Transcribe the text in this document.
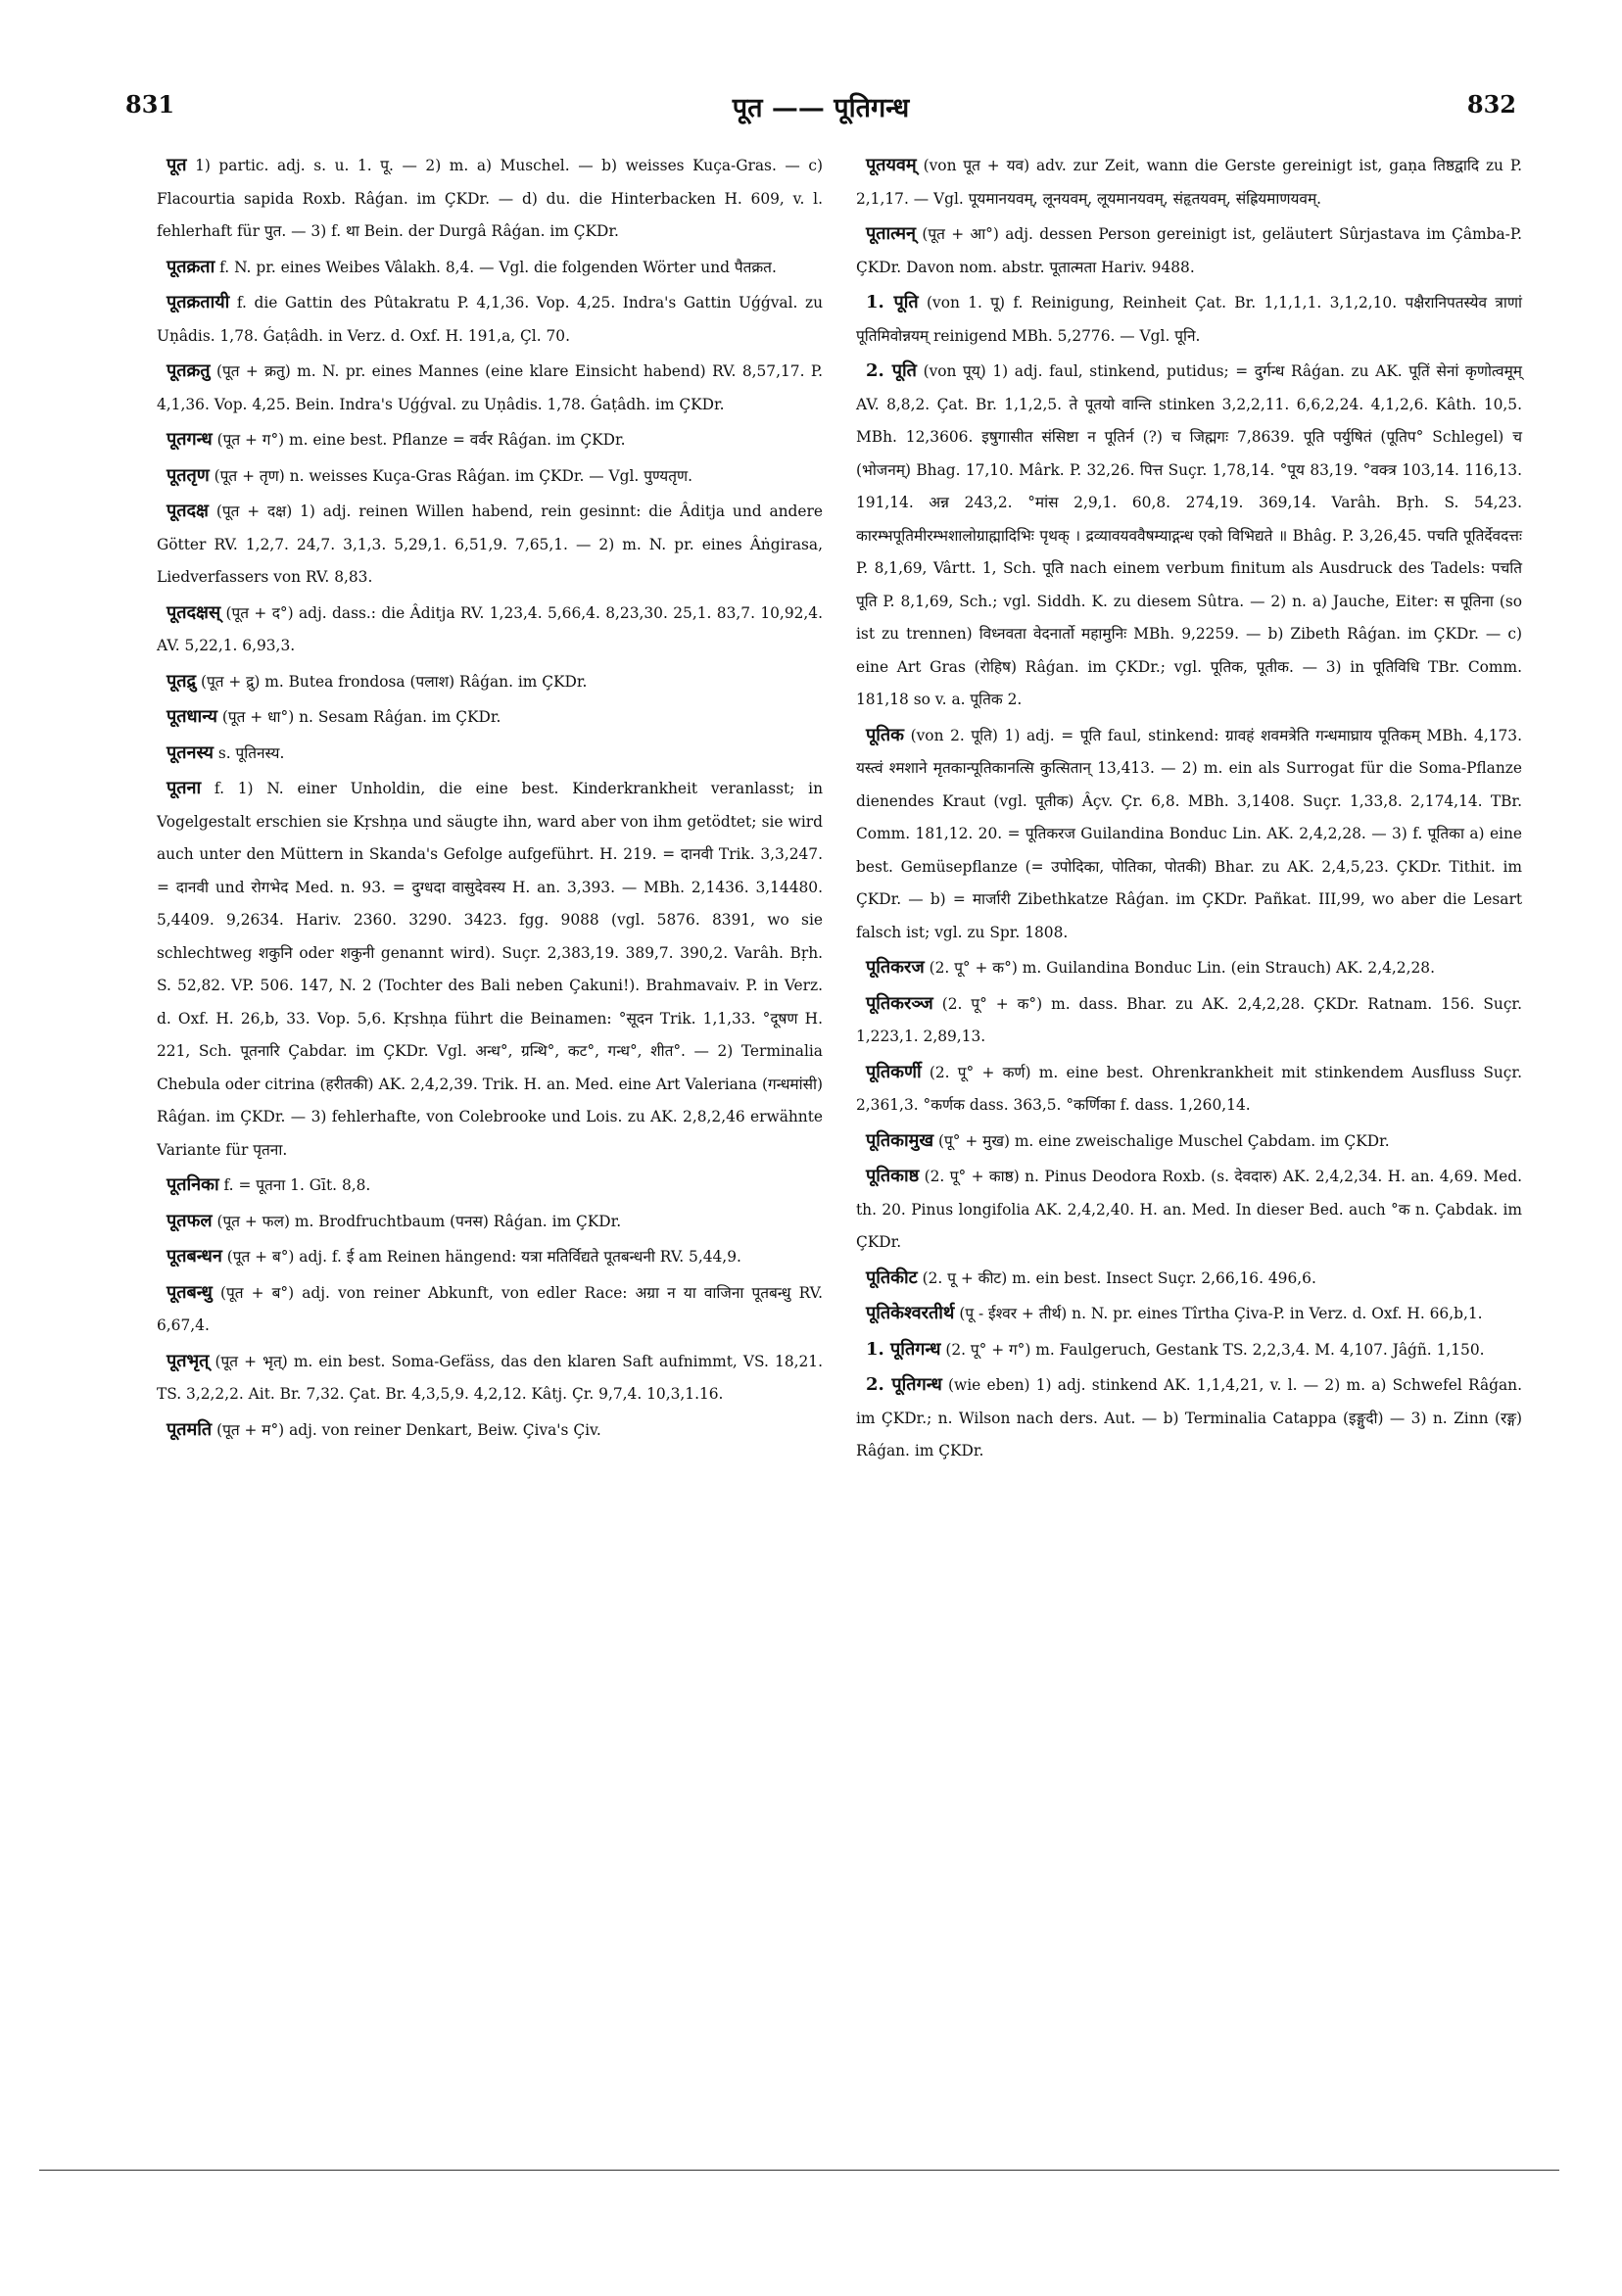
831	पूत —— पूतिगन्ध	832

पूत 1) partic. adj. s. u. 1. पू. — 2) m. a) Muschel. — b) weisses Kuça-Gras. — c) Flacourtia sapida Roxb. Râǵan. im ÇKDr. — d) du. die Hinterbacken H. 609, v. l. fehlerhaft für पुत. — 3) f. था Bein. der Durgâ Râǵan. im ÇKDr.

पूतक्रता f. N. pr. eines Weibes Vâlakh. 8,4. — Vgl. die folgenden Wörter und पैतक्रत.

पूतक्रतायी f. die Gattin des Pûtakratu P. 4,1,36. Vop. 4,25. Indra's Gattin Uǵǵval. zu Uṇâdis. 1,78. Ǵaṭâdh. in Verz. d. Oxf. H. 191,a, Çl. 70.

पूतक्रतु (पूत + क्रतु) m. N. pr. eines Mannes (eine klare Einsicht habend) RV. 8,57,17. P. 4,1,36. Vop. 4,25. Bein. Indra's Uǵǵval. zu Uṇâdis. 1,78. Ǵaṭâdh. im ÇKDr.

पूतगन्ध (पूत + ग°) m. eine best. Pflanze = वर्वर Râǵan. im ÇKDr.

पूततृण (पूत + तृण) n. weisses Kuça-Gras Râǵan. im ÇKDr. — Vgl. पुण्यतृण.

पूतदक्ष (पूत + दक्ष) 1) adj. reinen Willen habend, rein gesinnt: die Âditja und andere Götter RV. 1,2,7. 24,7. 3,1,3. 5,29,1. 6,51,9. 7,65,1. — 2) m. N. pr. eines Âṅgirasa, Liedverfassers von RV. 8,83.

पूतदक्षस् (पूत + द°) adj. dass.: die Âditja RV. 1,23,4. 5,66,4. 8,23,30. 25,1. 83,7. 10,92,4. AV. 5,22,1. 6,93,3.

पूतद्रु (पूत + द्रु) m. Butea frondosa (पलाश) Râǵan. im ÇKDr.

पूतधान्य (पूत + धा°) n. Sesam Râǵan. im ÇKDr.

पूतनस्य s. पूतिनस्य.

पूतना f. 1) N. einer Unholdin, die eine best. Kinderkrankheit veranlasst; in Vogelgestalt erschien sie Kṛshṇa und säugte ihn, ward aber von ihm getödtet; sie wird auch unter den Müttern in Skanda's Gefolge aufgeführt. H. 219. = दानवी Trik. 3,3,247. = दानवी und रोगभेद Med. n. 93. = दुग्धदा वासुदेवस्य H. an. 3,393. — MBh. 2,1436. 3,14480. 5,4409. 9,2634. Hariv. 2360. 3290. 3423. fgg. 9088 (vgl. 5876. 8391, wo sie schlechtweg शकुनि oder शकुनी genannt wird). Suçr. 2,383,19. 389,7. 390,2. Varâh. Bṛh. S. 52,82. VP. 506. 147, N. 2 (Tochter des Bali neben Çakuni!). Brahmavaiv. P. in Verz. d. Oxf. H. 26,b, 33. Vop. 5,6. Kṛshṇa führt die Beinamen: °सूदन Trik. 1,1,33. °दूषण H. 221, Sch. पूतनारि Çabdar. im ÇKDr. Vgl. अन्ध°, ग्रन्थि°, कट°, गन्ध°, शीत°. — 2) Terminalia Chebula oder citrina (हरीतकी) AK. 2,4,2,39. Trik. H. an. Med. eine Art Valeriana (गन्धमांसी) Râǵan. im ÇKDr. — 3) fehlerhafte, von Colebrooke und Lois. zu AK. 2,8,2,46 erwähnte Variante für पृतना.

पूतनिका f. = पूतना 1. Gīt. 8,8.

पूतफल (पूत + फल) m. Brodfruchtbaum (पनस) Râǵan. im ÇKDr.

पूतबन्धन (पूत + ब°) adj. f. ई am Reinen hängend: यत्रा मतिर्विद्यते पूतबन्धनी RV. 5,44,9.

पूतबन्धु (पूत + ब°) adj. von reiner Abkunft, von edler Race: अग्रा न या वाजिना पूतबन्धु RV. 6,67,4.

पूतभृत् (पूत + भृत्) m. ein best. Soma-Gefäss, das den klaren Saft aufnimmt, VS. 18,21. TS. 3,2,2,2. Ait. Br. 7,32. Çat. Br. 4,3,5,9. 4,2,12. Kâtj. Çr. 9,7,4. 10,3,1.16.

पूतमति (पूत + म°) adj. von reiner Denkart, Beiw. Çiva's Çiv.

पूतयवम् (von पूत + यव) adv. zur Zeit, wann die Gerste gereinigt ist, gaṇa तिष्ठद्वादि zu P. 2,1,17. — Vgl. पूयमानयवम्, लूनयवम्, लूयमानयवम्, संहृतयवम्, संह्रियमाणयवम्.

पूतात्मन् (पूत + आ°) adj. dessen Person gereinigt ist, geläutert Sûrjastava im Çâmba-P. ÇKDr. Davon nom. abstr. पूतात्मता Hariv. 9488.

1. पूति (von 1. पू) f. Reinigung, Reinheit Çat. Br. 1,1,1,1. 3,1,2,10. पक्षैरानिपतस्येव त्राणां पूतिमिवोन्नयम् reinigend MBh. 5,2776. — Vgl. पूनि.

2. पूति (von पूय्) 1) adj. faul, stinkend, putidus; = दुर्गन्ध Râǵan. zu AK. पूतिं सेनां कृणोत्वमूम् AV. 8,8,2. Çat. Br. 1,1,2,5. ते पूतयो वान्ति stinken 3,2,2,11. 6,6,2,24. 4,1,2,6. Kâth. 10,5. MBh. 12,3606. इषुगासीत संसिष्टा न पूतिर्न (?) च जिह्मगः 7,8639. पूति पर्युषितं (पूतिप° Schlegel) च (भोजनम्) Bhag. 17,10. Mârk. P. 32,26. पित्त Suçr. 1,78,14. °पूय 83,19. °वक्त्र 103,14. 116,13. 191,14. अन्न 243,2. °मांस 2,9,1. 60,8. 274,19. 369,14. Varâh. Bṛh. S. 54,23. कारम्भपूतिमीरम्भशालोग्राह्मादिभिः पृथक् । द्रव्यावयववैषम्याद्गन्ध एको विभिद्यते ॥ Bhâg. P. 3,26,45. पचति पूतिर्देवदत्तः P. 8,1,69, Vârtt. 1, Sch. पूति nach einem verbum finitum als Ausdruck des Tadels: पचति पूति P. 8,1,69, Sch.; vgl. Siddh. K. zu diesem Sûtra. — 2) n. a) Jauche, Eiter: स पूतिना (so ist zu trennen) विध्नवता वेदनार्तो महामुनिः MBh. 9,2259. — b) Zibeth Râǵan. im ÇKDr. — c) eine Art Gras (रोहिष) Râǵan. im ÇKDr.; vgl. पूतिक, पूतीक. — 3) in पूतिविधि TBr. Comm. 181,18 so v. a. पूतिक 2.

पूतिक (von 2. पूति) 1) adj. = पूति faul, stinkend: ग्रावहं शवमत्रेति गन्धमाघ्राय पूतिकम् MBh. 4,173. यस्त्वं श्मशाने मृतकान्पूतिकानत्सि कुत्सितान् 13,413. — 2) m. ein als Surrogat für die Soma-Pflanze dienendes Kraut (vgl. पूतीक) Âçv. Çr. 6,8. MBh. 3,1408. Suçr. 1,33,8. 2,174,14. TBr. Comm. 181,12. 20. = पूतिकरज Guilandina Bonduc Lin. AK. 2,4,2,28. — 3) f. पूतिका a) eine best. Gemüsepflanze (= उपोदिका, पोतिका, पोतकी) Bhar. zu AK. 2,4,5,23. ÇKDr. Tithit. im ÇKDr. — b) = मार्जारी Zibethkatze Râǵan. im ÇKDr. Pañkat. III,99, wo aber die Lesart falsch ist; vgl. zu Spr. 1808.

पूतिकरज (2. पू° + क°) m. Guilandina Bonduc Lin. (ein Strauch) AK. 2,4,2,28.

पूतिकरञ्ज (2. पू° + क°) m. dass. Bhar. zu AK. 2,4,2,28. ÇKDr. Ratnam. 156. Suçr. 1,223,1. 2,89,13.

पूतिकर्णी (2. पू° + कर्ण) m. eine best. Ohrenkrankheit mit stinkendem Ausfluss Suçr. 2,361,3. °कर्णक dass. 363,5. °कर्णिका f. dass. 1,260,14.

पूतिकामुख (पू° + मुख) m. eine zweischalige Muschel Çabdam. im ÇKDr.

पूतिकाष्ठ (2. पू° + काष्ठ) n. Pinus Deodora Roxb. (s. देवदारु) AK. 2,4,2,34. H. an. 4,69. Med. th. 20. Pinus longifolia AK. 2,4,2,40. H. an. Med. In dieser Bed. auch °क n. Çabdak. im ÇKDr.

पूतिकीट (2. पू + कीट) m. ein best. Insect Suçr. 2,66,16. 496,6.

पूतिकेश्वरतीर्थ (पू - ईश्वर + तीर्थ) n. N. pr. eines Tîrtha Çiva-P. in Verz. d. Oxf. H. 66,b,1.

1. पूतिगन्ध (2. पू° + ग°) m. Faulgeruch, Gestank TS. 2,2,3,4. M. 4,107. Jâǵñ. 1,150.

2. पूतिगन्ध (wie eben) 1) adj. stinkend AK. 1,1,4,21, v. l. — 2) m. a) Schwefel Râǵan. im ÇKDr.; n. Wilson nach ders. Aut. — b) Terminalia Catappa (इङ्गुदी) — 3) n. Zinn (रङ्ग) Râǵan. im ÇKDr.
